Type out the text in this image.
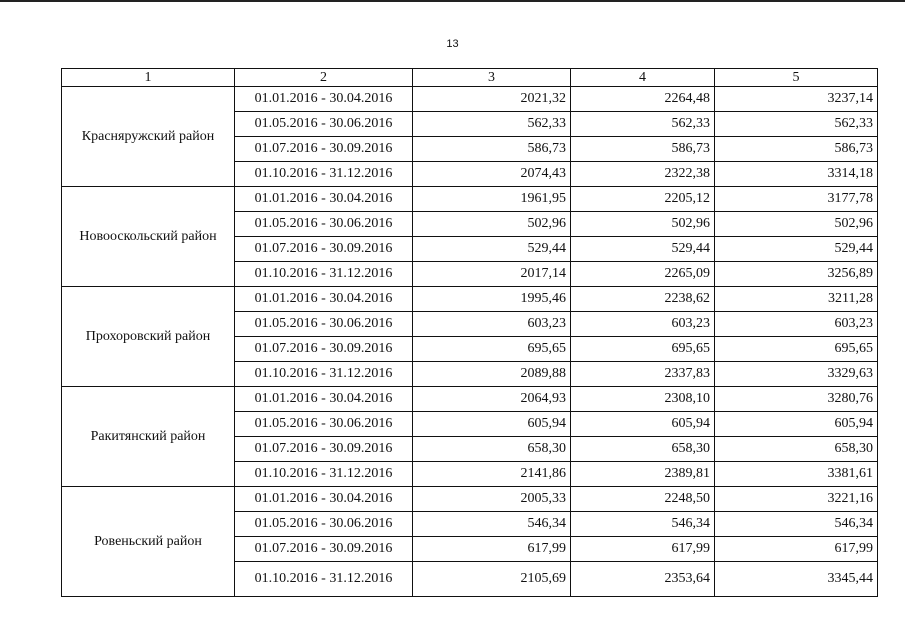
13
1	2	3	4	5
Красняружский район	01.01.2016 - 30.04.2016	2021,32	2264,48	3237,14
	01.05.2016 - 30.06.2016	562,33	562,33	562,33
	01.07.2016 - 30.09.2016	586,73	586,73	586,73
	01.10.2016 - 31.12.2016	2074,43	2322,38	3314,18
Новооскольский район	01.01.2016 - 30.04.2016	1961,95	2205,12	3177,78
	01.05.2016 - 30.06.2016	502,96	502,96	502,96
	01.07.2016 - 30.09.2016	529,44	529,44	529,44
	01.10.2016 - 31.12.2016	2017,14	2265,09	3256,89
Прохоровский район	01.01.2016 - 30.04.2016	1995,46	2238,62	3211,28
	01.05.2016 - 30.06.2016	603,23	603,23	603,23
	01.07.2016 - 30.09.2016	695,65	695,65	695,65
	01.10.2016 - 31.12.2016	2089,88	2337,83	3329,63
Ракитянский район	01.01.2016 - 30.04.2016	2064,93	2308,10	3280,76
	01.05.2016 - 30.06.2016	605,94	605,94	605,94
	01.07.2016 - 30.09.2016	658,30	658,30	658,30
	01.10.2016 - 31.12.2016	2141,86	2389,81	3381,61
Ровеньский район	01.01.2016 - 30.04.2016	2005,33	2248,50	3221,16
	01.05.2016 - 30.06.2016	546,34	546,34	546,34
	01.07.2016 - 30.09.2016	617,99	617,99	617,99
	01.10.2016 - 31.12.2016	2105,69	2353,64	3345,44
